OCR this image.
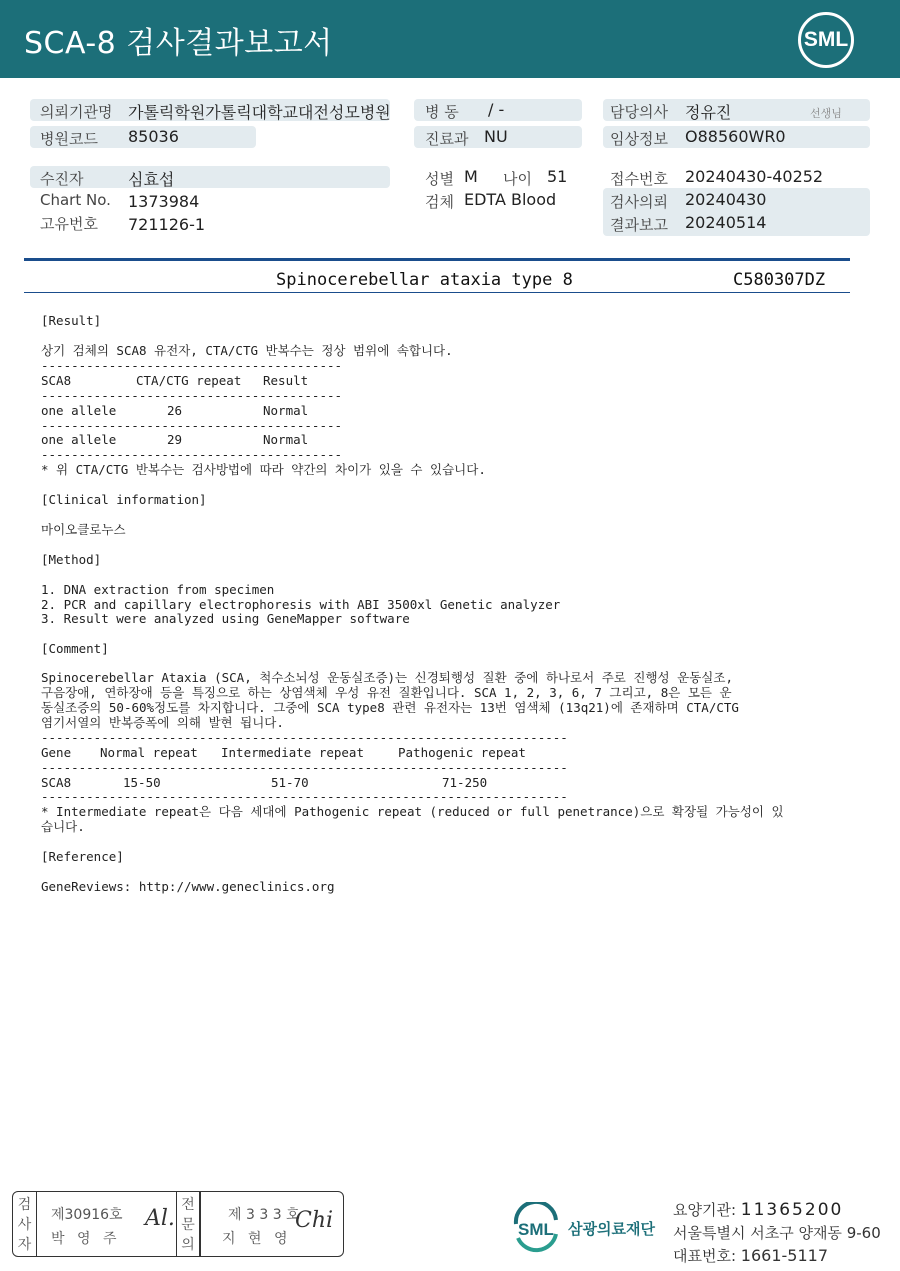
SCA-8 검사결과보고서	SML
의뢰기관명 가톨릭학원가톨릭대학교대전성모병원
병원코드 85036
수진자	심효섭
Chart No. 1373984
고유번호 721126-1
병 동 / -
진료과 NU
성별 M 나이 51
검체 EDTA Blood
담당의사 정유진	선생님
임상정보 O88560WR0
접수번호 20240430-40252
검사의뢰 20240430
결과보고 20240514
Spinocerebellar ataxia type 8	C580307DZ
[Result]
상기 검체의 SCA8 유전자, CTA/CTG 반복수는 정상 범위에 속합니다.
----------------------------------------
SCA8	CTA/CTG repeat Result
----------------------------------------
one allele	26	Normal
----------------------------------------
one allele	29	Normal
----------------------------------------
* 위 CTA/CTG 반복수는 검사방법에 따라 약간의 차이가 있을 수 있습니다.
[Clinical information]
마이오클로누스
[Method]
1. DNA extraction from specimen
2. PCR and capillary electrophoresis with ABI 3500xl Genetic analyzer
3. Result were analyzed using GeneMapper software
[Comment]
Spinocerebellar Ataxia (SCA, 척수소뇌성 운동실조증)는 신경퇴행성 질환 중에 하나로서 주로 진행성 운동실조,
구음장애, 연하장애 등을 특징으로 하는 상염색체 우성 유전 질환입니다. SCA 1, 2, 3, 6, 7 그리고, 8은 모든 운
동실조증의 50-60%정도를 차지합니다. 그중에 SCA type8 관련 유전자는 13번 염색체 (13q21)에 존재하며 CTA/CTG
염기서열의 반복증폭에 의해 발현 됩니다.
----------------------------------------------------------------------
Gene Normal repeat Intermediate repeat	Pathogenic repeat
----------------------------------------------------------------------
SCA8	15-50	51-70	71-250
----------------------------------------------------------------------
* Intermediate repeat은 다음 세대에 Pathogenic repeat (reduced or full penetrance)으로 확장될 가능성이 있
습니다.
[Reference]
GeneReviews: http://www.geneclinics.org
검사자
제30916호
박 영 주
Al.
전문의
제 3 3 3 호
지 현 영
Chi	SML 삼광의료재단
요양기관: 11365200
서울특별시 서초구 양재동 9-60
대표번호: 1661-5117
